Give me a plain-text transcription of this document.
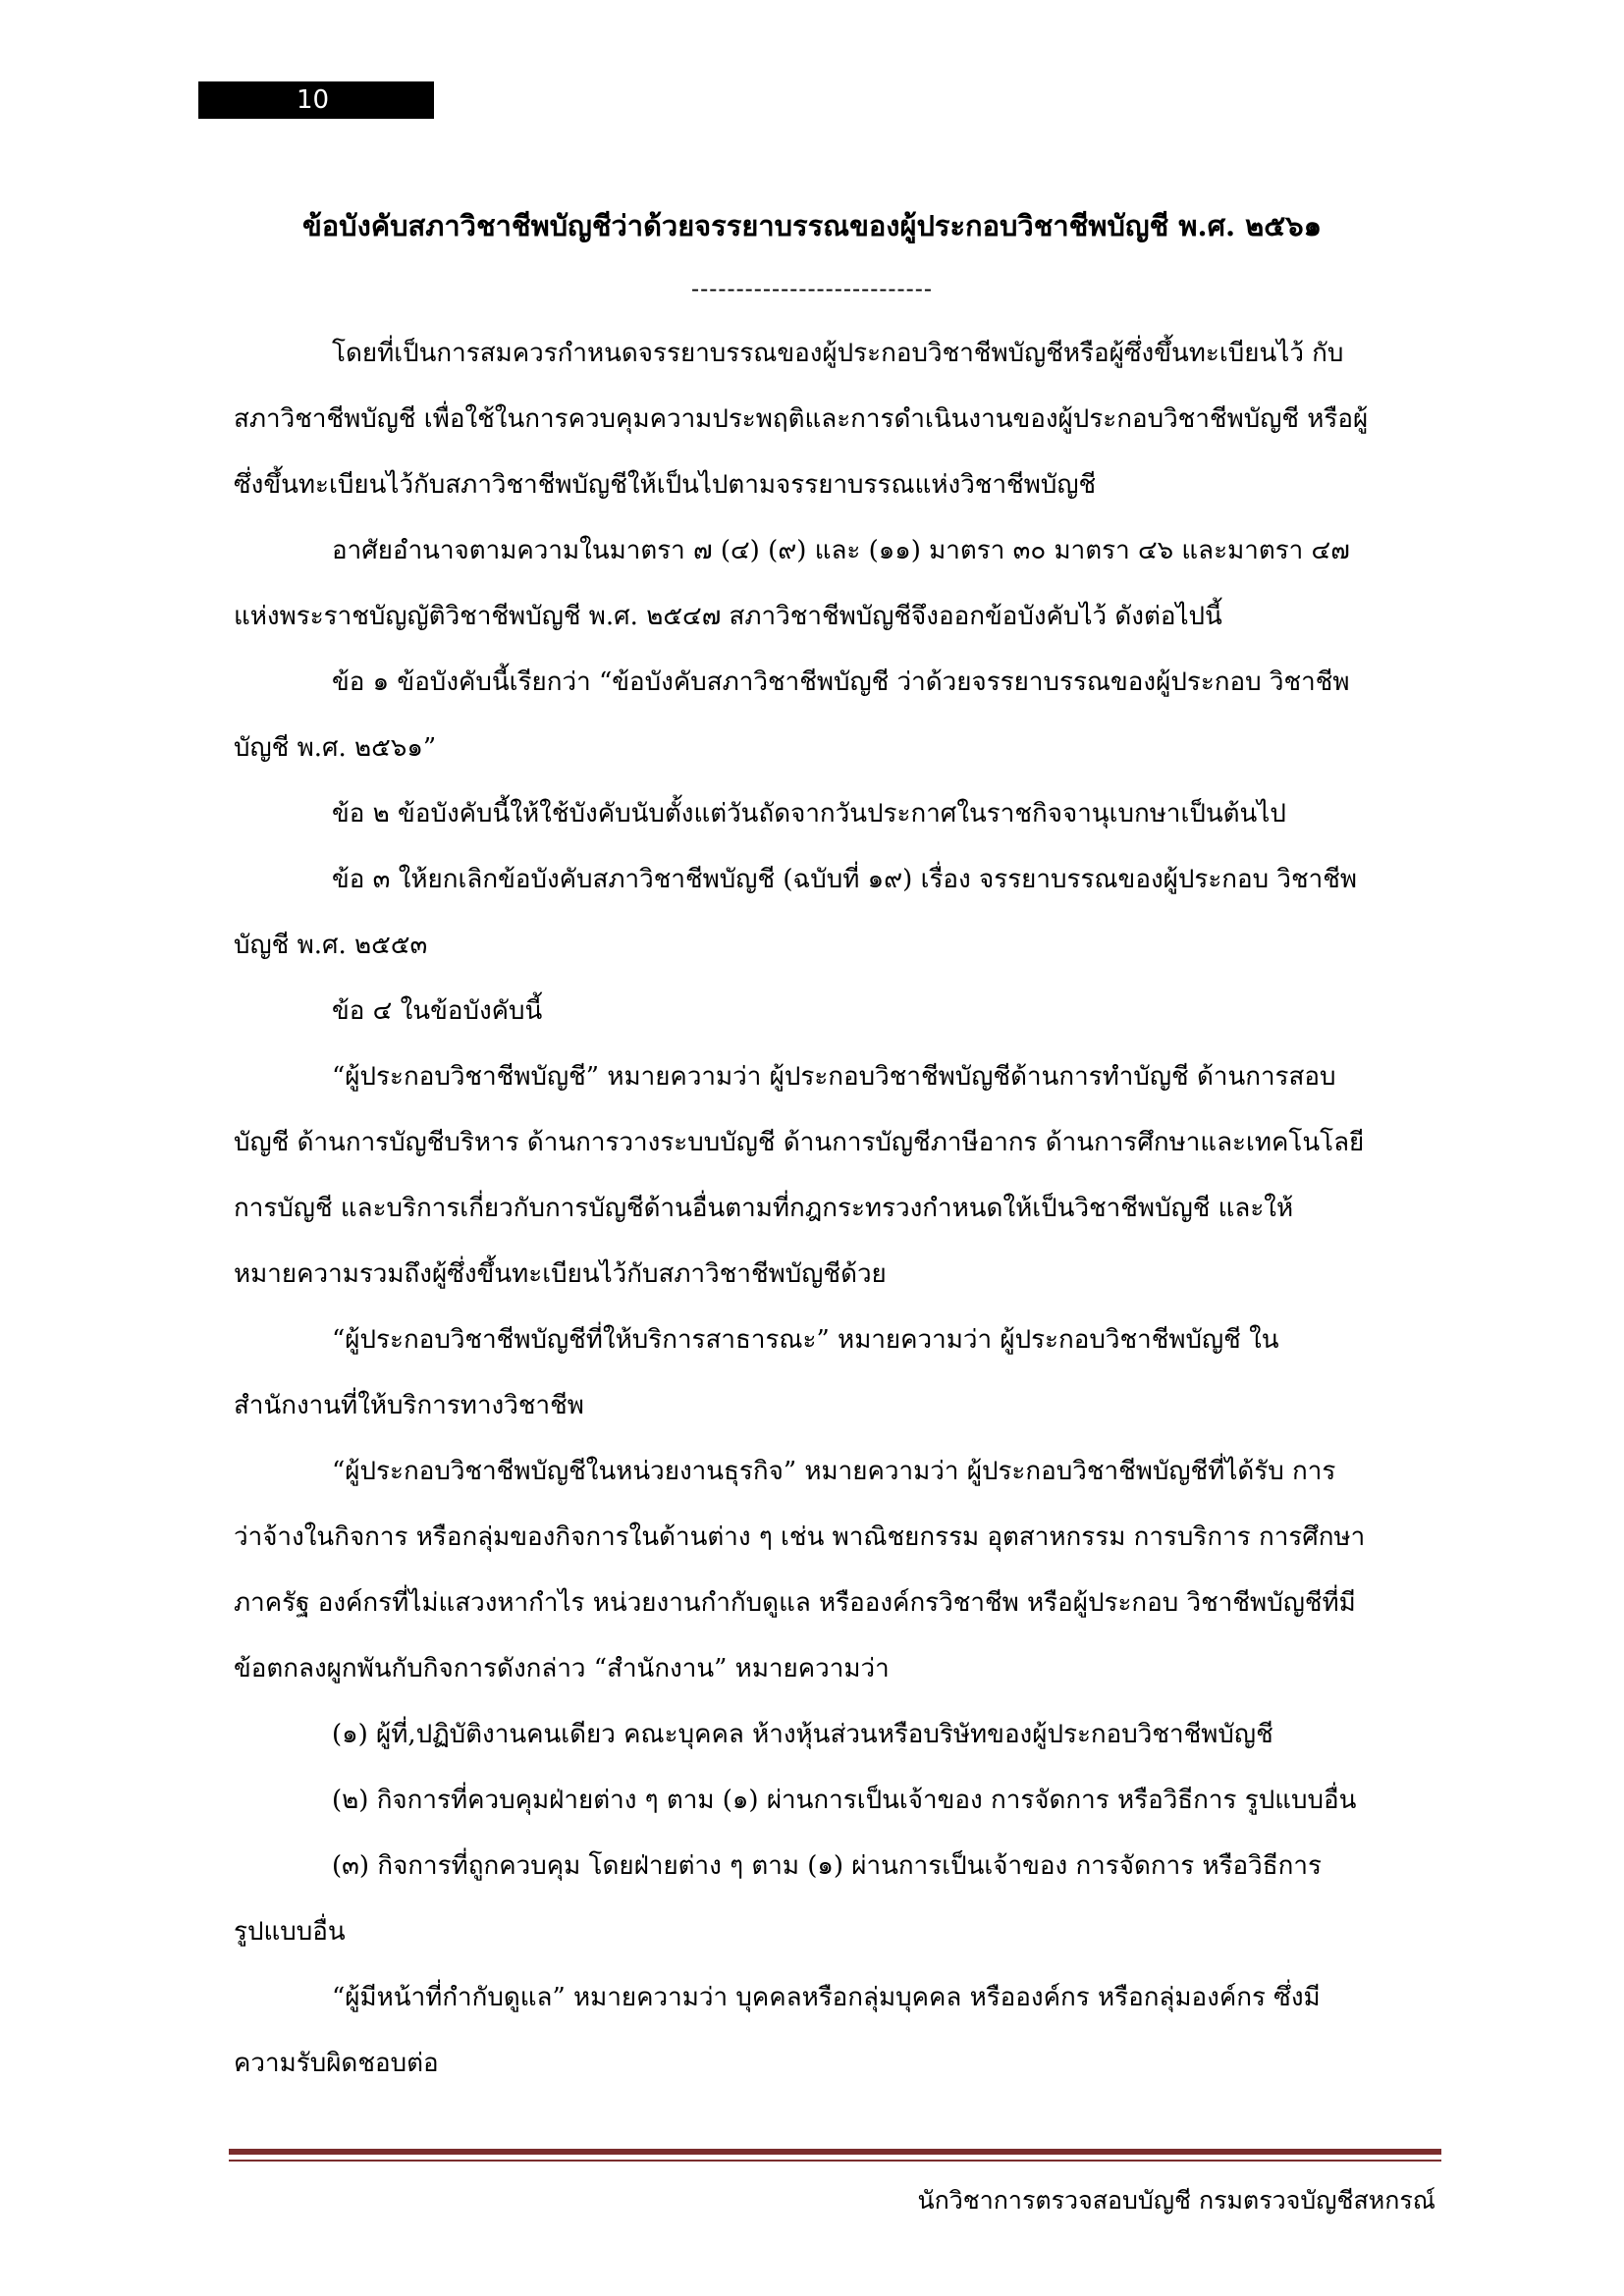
10
ข้อบังคับสภาวิชาชีพบัญชีว่าด้วยจรรยาบรรณของผู้ประกอบวิชาชีพบัญชี พ.ศ. ๒๕๖๑
---------------------------
โดยที่เป็นการสมควรกำหนดจรรยาบรรณของผู้ประกอบวิชาชีพบัญชีหรือผู้ซึ่งขึ้นทะเบียนไว้ กับ
สภาวิชาชีพบัญชี เพื่อใช้ในการควบคุมความประพฤติและการดำเนินงานของผู้ประกอบวิชาชีพบัญชี หรือผู้
ซึ่งขึ้นทะเบียนไว้กับสภาวิชาชีพบัญชีให้เป็นไปตามจรรยาบรรณแห่งวิชาชีพบัญชี
อาศัยอำนาจตามความในมาตรา ๗ (๔) (๙) และ (๑๑) มาตรา ๓๐ มาตรา ๔๖ และมาตรา ๔๗
แห่งพระราชบัญญัติวิชาชีพบัญชี พ.ศ. ๒๕๔๗ สภาวิชาชีพบัญชีจึงออกข้อบังคับไว้ ดังต่อไปนี้
ข้อ ๑ ข้อบังคับนี้เรียกว่า “ข้อบังคับสภาวิชาชีพบัญชี ว่าด้วยจรรยาบรรณของผู้ประกอบ วิชาชีพ
บัญชี พ.ศ. ๒๕๖๑”
ข้อ ๒ ข้อบังคับนี้ให้ใช้บังคับนับตั้งแต่วันถัดจากวันประกาศในราชกิจจานุเบกษาเป็นต้นไป
ข้อ ๓ ให้ยกเลิกข้อบังคับสภาวิชาชีพบัญชี (ฉบับที่ ๑๙) เรื่อง จรรยาบรรณของผู้ประกอบ วิชาชีพ
บัญชี พ.ศ. ๒๕๕๓
ข้อ ๔ ในข้อบังคับนี้
“ผู้ประกอบวิชาชีพบัญชี” หมายความว่า ผู้ประกอบวิชาชีพบัญชีด้านการทำบัญชี ด้านการสอบ
บัญชี ด้านการบัญชีบริหาร ด้านการวางระบบบัญชี ด้านการบัญชีภาษีอากร ด้านการศึกษาและเทคโนโลยี
การบัญชี และบริการเกี่ยวกับการบัญชีด้านอื่นตามที่กฎกระทรวงกำหนดให้เป็นวิชาชีพบัญชี และให้
หมายความรวมถึงผู้ซึ่งขึ้นทะเบียนไว้กับสภาวิชาชีพบัญชีด้วย
“ผู้ประกอบวิชาชีพบัญชีที่ให้บริการสาธารณะ” หมายความว่า ผู้ประกอบวิชาชีพบัญชี ใน
สำนักงานที่ให้บริการทางวิชาชีพ
“ผู้ประกอบวิชาชีพบัญชีในหน่วยงานธุรกิจ” หมายความว่า ผู้ประกอบวิชาชีพบัญชีที่ได้รับ การ
ว่าจ้างในกิจการ หรือกลุ่มของกิจการในด้านต่าง ๆ เช่น พาณิชยกรรม อุตสาหกรรม การบริการ การศึกษา
ภาครัฐ องค์กรที่ไม่แสวงหากำไร หน่วยงานกำกับดูแล หรือองค์กรวิชาชีพ หรือผู้ประกอบ วิชาชีพบัญชีที่มี
ข้อตกลงผูกพันกับกิจการดังกล่าว “สำนักงาน” หมายความว่า
(๑) ผู้ที่,ปฏิบัติงานคนเดียว คณะบุคคล ห้างหุ้นส่วนหรือบริษัทของผู้ประกอบวิชาชีพบัญชี
(๒) กิจการที่ควบคุมฝ่ายต่าง ๆ ตาม (๑) ผ่านการเป็นเจ้าของ การจัดการ หรือวิธีการ รูปแบบอื่น
(๓) กิจการที่ถูกควบคุม โดยฝ่ายต่าง ๆ ตาม (๑) ผ่านการเป็นเจ้าของ การจัดการ หรือวิธีการ
รูปแบบอื่น
“ผู้มีหน้าที่กำกับดูแล” หมายความว่า บุคคลหรือกลุ่มบุคคล หรือองค์กร หรือกลุ่มองค์กร ซึ่งมี
ความรับผิดชอบต่อ
นักวิชาการตรวจสอบบัญชี กรมตรวจบัญชีสหกรณ์
